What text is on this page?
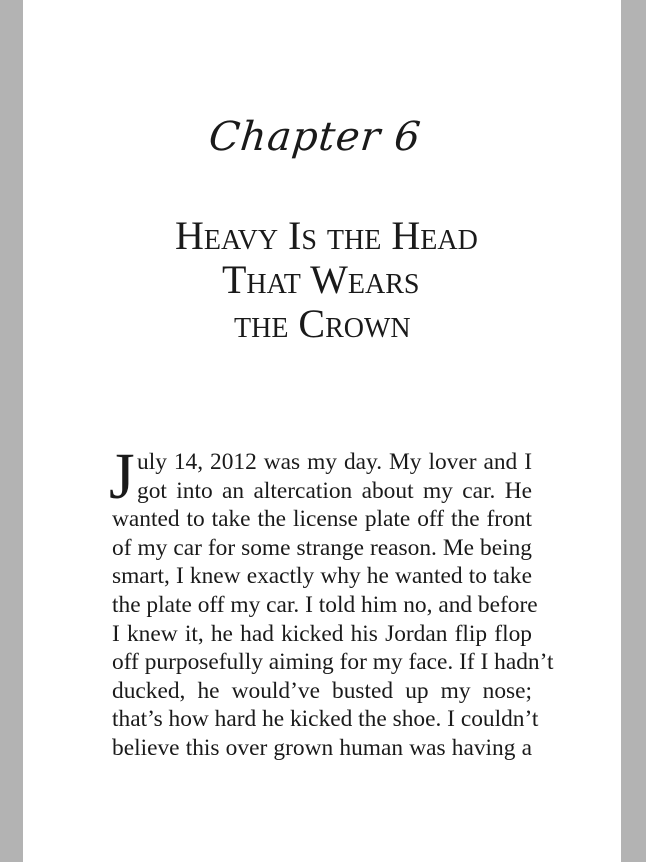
Chapter 6
Heavy Is the Head
That Wears
the Crown
J uly 14, 2012 was my day. My lover and I
got into an altercation about my car. He
wanted to take the license plate off the front
of my car for some strange reason. Me being
smart, I knew exactly why he wanted to take
the plate off my car. I told him no, and before
I knew it, he had kicked his Jordan flip flop
off purposefully aiming for my face. If I hadn’t
ducked, he would’ve busted up my nose;
that’s how hard he kicked the shoe. I couldn’t
believe this over grown human was having a
